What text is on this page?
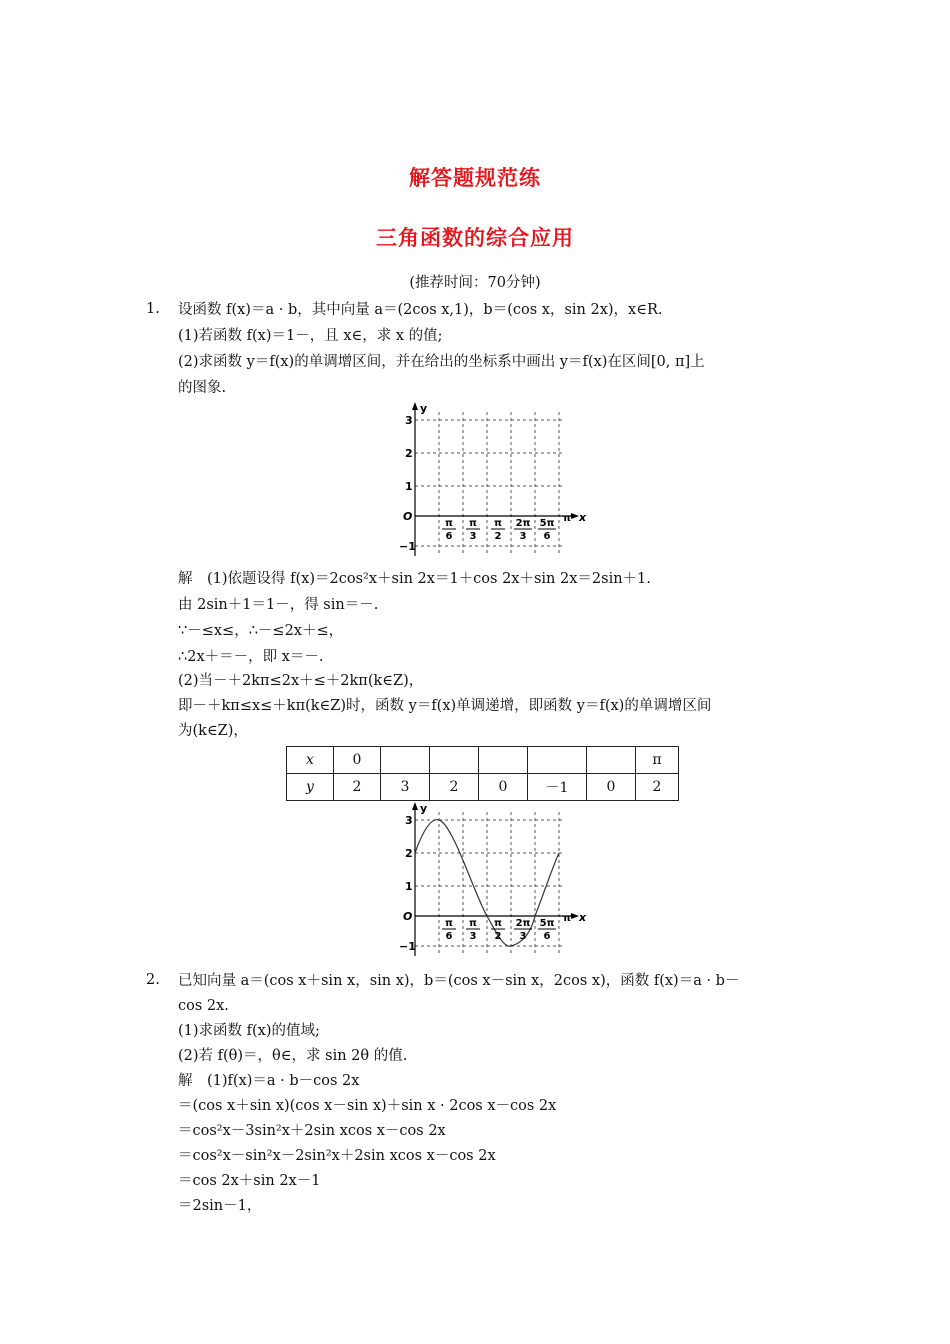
解答题规范练
三角函数的综合应用
(推荐时间：70分钟)
1. 设函数 f(x)＝a · b，其中向量 a＝(2cos x,1)，b＝(cos x，sin 2x)，x∈R.
(1)若函数 f(x)＝1－，且 x∈，求 x 的值;
(2)求函数 y＝f(x)的单调增区间，并在给出的坐标系中画出 y＝f(x)在区间[0, π]上
的图象.
y
x
O	π
3
2
1
−1
π
6
π
3
π
2
2π
3
5π
6
解　(1)依题设得 f(x)＝2cos²x＋sin 2x＝1＋cos 2x＋sin 2x＝2sin＋1.
由 2sin＋1＝1－，得 sin＝－.
∵－≤x≤，∴－≤2x＋≤，
∴2x＋＝－，即 x＝－.
(2)当－＋2kπ≤2x＋≤＋2kπ(k∈Z)，
即－＋kπ≤x≤＋kπ(k∈Z)时，函数 y＝f(x)单调递增，即函数 y＝f(x)的单调增区间
为(k∈Z)，
x	0						π
y	2	3	2	0	－1	0	2
y
x
O	π
3
2
1
−1
π
6
π
3
π
2
2π
3
5π
6
2. 已知向量 a＝(cos x＋sin x，sin x)，b＝(cos x－sin x，2cos x)，函数 f(x)＝a · b－
cos 2x.
(1)求函数 f(x)的值域;
(2)若 f(θ)＝，θ∈，求 sin 2θ 的值.
解　(1)f(x)＝a · b－cos 2x
＝(cos x＋sin x)(cos x－sin x)＋sin x · 2cos x－cos 2x
＝cos²x－3sin²x＋2sin xcos x－cos 2x
＝cos²x－sin²x－2sin²x＋2sin xcos x－cos 2x
＝cos 2x＋sin 2x－1
＝2sin－1，
